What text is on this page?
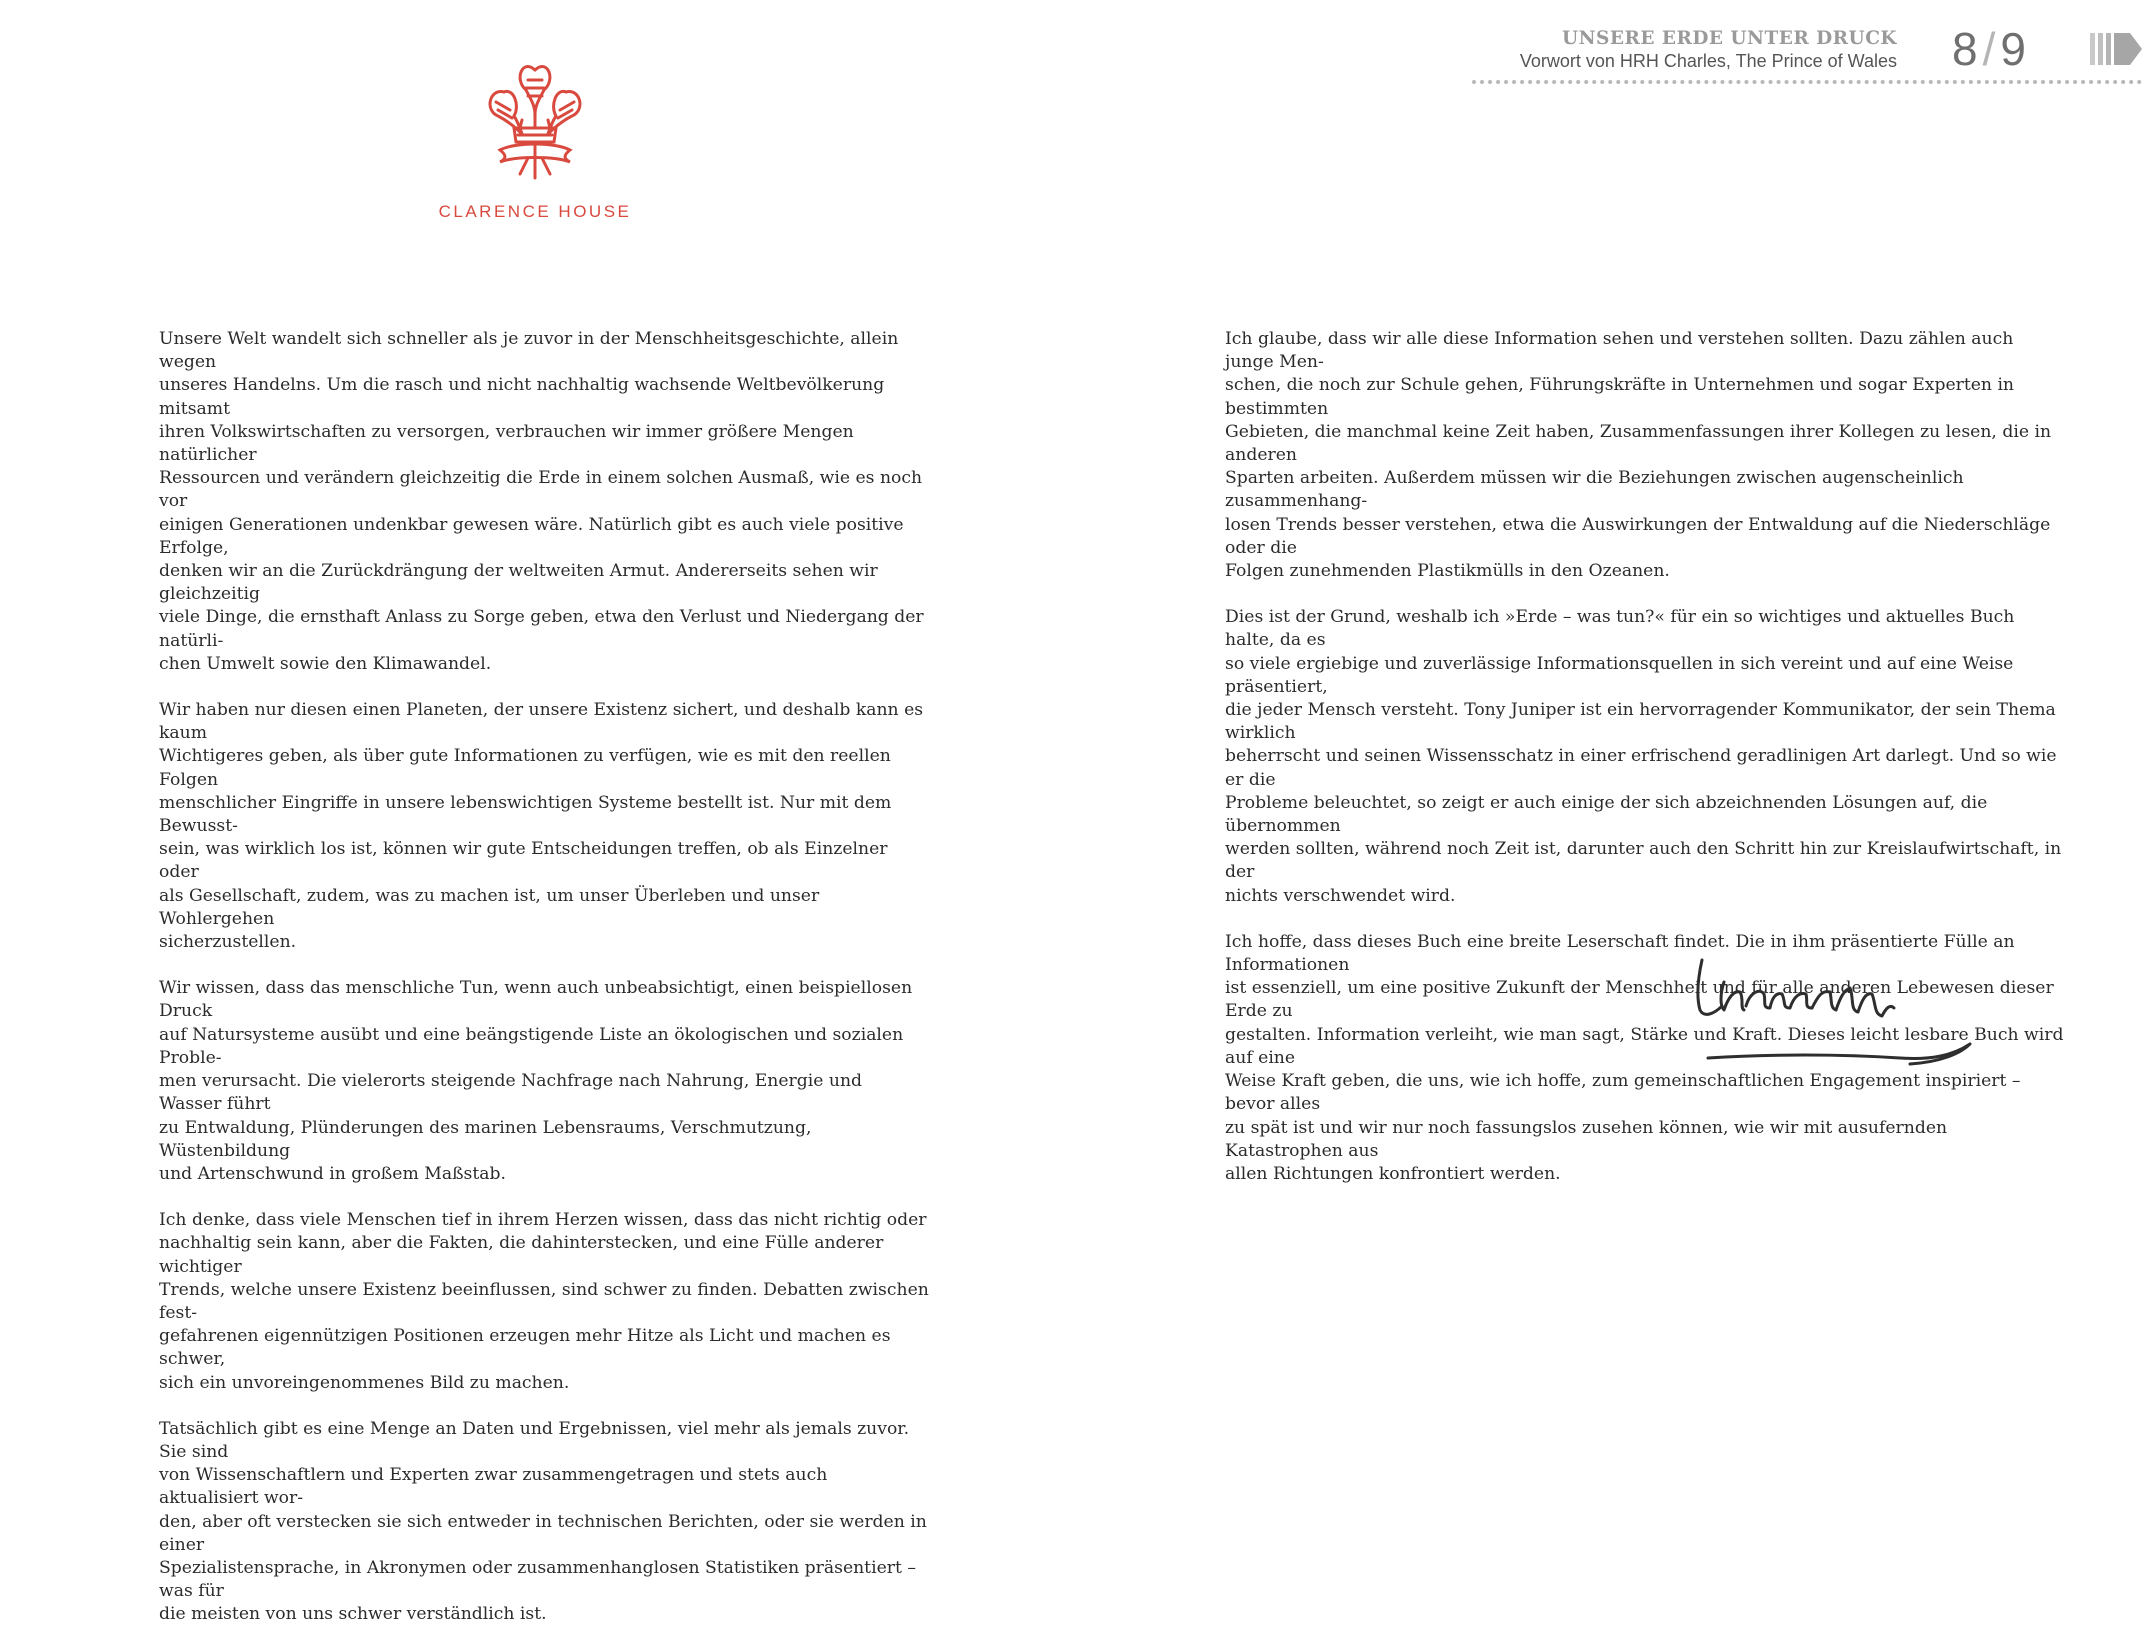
UNSERE ERDE UNTER DRUCK
Vorwort von HRH Charles, The Prince of Wales 8/9
CLARENCE HOUSE

Unsere Welt wandelt sich schneller als je zuvor in der Menschheitsgeschichte, allein wegen
unseres Handelns. Um die rasch und nicht nachhaltig wachsende Weltbevölkerung mitsamt
ihren Volkswirtschaften zu versorgen, verbrauchen wir immer größere Mengen natürlicher
Ressourcen und verändern gleichzeitig die Erde in einem solchen Ausmaß, wie es noch vor
einigen Generationen undenkbar gewesen wäre. Natürlich gibt es auch viele positive Erfolge,
denken wir an die Zurückdrängung der weltweiten Armut. Andererseits sehen wir gleichzeitig
viele Dinge, die ernsthaft Anlass zu Sorge geben, etwa den Verlust und Niedergang der natürli-
chen Umwelt sowie den Klimawandel.

Wir haben nur diesen einen Planeten, der unsere Existenz sichert, und deshalb kann es kaum
Wichtigeres geben, als über gute Informationen zu verfügen, wie es mit den reellen Folgen
menschlicher Eingriffe in unsere lebenswichtigen Systeme bestellt ist. Nur mit dem Bewusst-
sein, was wirklich los ist, können wir gute Entscheidungen treffen, ob als Einzelner oder
als Gesellschaft, zudem, was zu machen ist, um unser Überleben und unser Wohlergehen
sicherzustellen.

Wir wissen, dass das menschliche Tun, wenn auch unbeabsichtigt, einen beispiellosen Druck
auf Natursysteme ausübt und eine beängstigende Liste an ökologischen und sozialen Proble-
men verursacht. Die vielerorts steigende Nachfrage nach Nahrung, Energie und Wasser führt
zu Entwaldung, Plünderungen des marinen Lebensraums, Verschmutzung, Wüstenbildung
und Artenschwund in großem Maßstab.

Ich denke, dass viele Menschen tief in ihrem Herzen wissen, dass das nicht richtig oder
nachhaltig sein kann, aber die Fakten, die dahinterstecken, und eine Fülle anderer wichtiger
Trends, welche unsere Existenz beeinflussen, sind schwer zu finden. Debatten zwischen fest-
gefahrenen eigennützigen Positionen erzeugen mehr Hitze als Licht und machen es schwer,
sich ein unvoreingenommenes Bild zu machen.

Tatsächlich gibt es eine Menge an Daten und Ergebnissen, viel mehr als jemals zuvor. Sie sind
von Wissenschaftlern und Experten zwar zusammengetragen und stets auch aktualisiert wor-
den, aber oft verstecken sie sich entweder in technischen Berichten, oder sie werden in einer
Spezialistensprache, in Akronymen oder zusammenhanglosen Statistiken präsentiert – was für
die meisten von uns schwer verständlich ist.

Ich glaube, dass wir alle diese Information sehen und verstehen sollten. Dazu zählen auch junge Men-
schen, die noch zur Schule gehen, Führungskräfte in Unternehmen und sogar Experten in bestimmten
Gebieten, die manchmal keine Zeit haben, Zusammenfassungen ihrer Kollegen zu lesen, die in anderen
Sparten arbeiten. Außerdem müssen wir die Beziehungen zwischen augenscheinlich zusammenhang-
losen Trends besser verstehen, etwa die Auswirkungen der Entwaldung auf die Niederschläge oder die
Folgen zunehmenden Plastikmülls in den Ozeanen.

Dies ist der Grund, weshalb ich »Erde – was tun?« für ein so wichtiges und aktuelles Buch halte, da es
so viele ergiebige und zuverlässige Informationsquellen in sich vereint und auf eine Weise präsentiert,
die jeder Mensch versteht. Tony Juniper ist ein hervorragender Kommunikator, der sein Thema wirklich
beherrscht und seinen Wissensschatz in einer erfrischend geradlinigen Art darlegt. Und so wie er die
Probleme beleuchtet, so zeigt er auch einige der sich abzeichnenden Lösungen auf, die übernommen
werden sollten, während noch Zeit ist, darunter auch den Schritt hin zur Kreislaufwirtschaft, in der
nichts verschwendet wird.

Ich hoffe, dass dieses Buch eine breite Leserschaft findet. Die in ihm präsentierte Fülle an Informationen
ist essenziell, um eine positive Zukunft der Menschheit und für alle anderen Lebewesen dieser Erde zu
gestalten. Information verleiht, wie man sagt, Stärke und Kraft. Dieses leicht lesbare Buch wird auf eine
Weise Kraft geben, die uns, wie ich hoffe, zum gemeinschaftlichen Engagement inspiriert – bevor alles
zu spät ist und wir nur noch fassungslos zusehen können, wie wir mit ausufernden Katastrophen aus
allen Richtungen konfrontiert werden.
